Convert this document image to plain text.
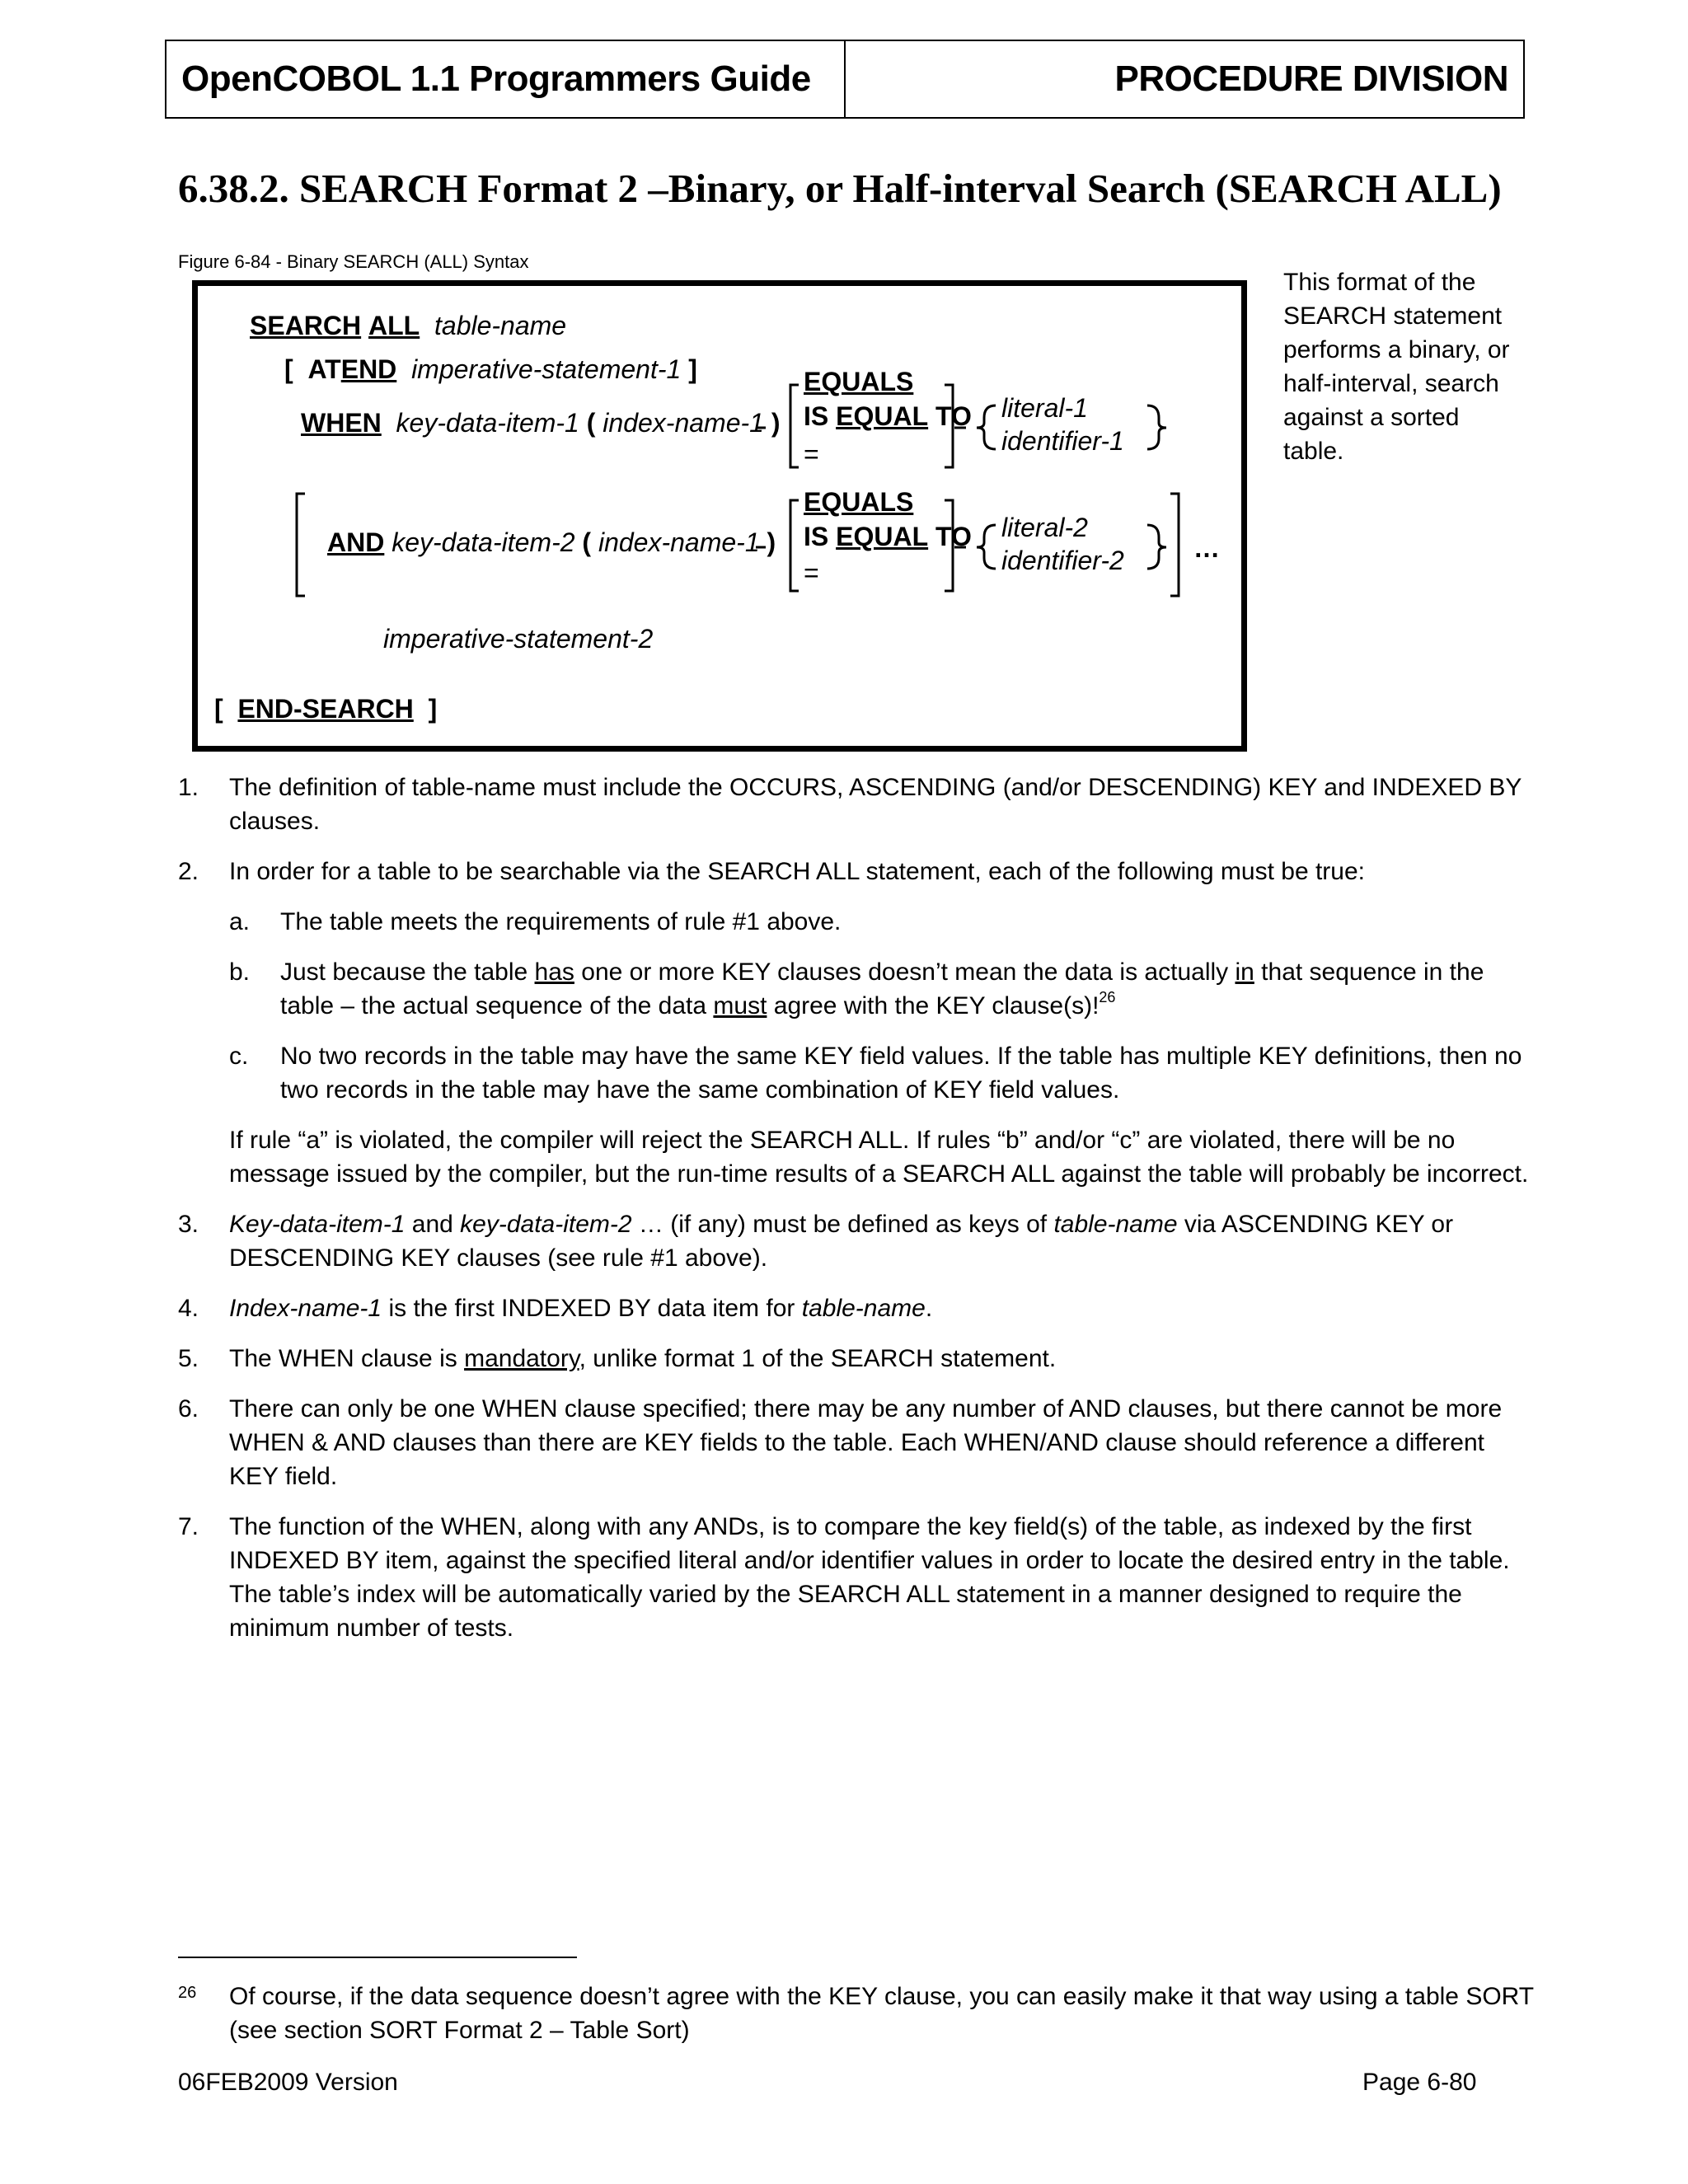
OpenCOBOL 1.1 Programmers Guide	PROCEDURE DIVISION
6.38.2. SEARCH Format 2 –Binary, or Half-interval Search (SEARCH ALL)
Figure 6-84 - Binary SEARCH (ALL) Syntax
SEARCH ALL table-name
[ ATEND imperative-statement-1 ]
WHEN key-data-item-1 ( index-name-1 )
EQUALS
IS EQUAL TO
=
literal-1
identifier-1
AND key-data-item-2 ( index-name-1 )
EQUALS
IS EQUAL TO
=
literal-2
identifier-2	…
imperative-statement-2
[ END-SEARCH ]
This format of the SEARCH statement performs a binary, or half-interval, search against a sorted table.
1. The definition of table-name must include the OCCURS, ASCENDING (and/or DESCENDING) KEY and INDEXED BY clauses.
2. In order for a table to be searchable via the SEARCH ALL statement, each of the following must be true:
a. The table meets the requirements of rule #1 above.
b. Just because the table has one or more KEY clauses doesn’t mean the data is actually in that sequence in the table – the actual sequence of the data must agree with the KEY clause(s)!$^{26}$
c. No two records in the table may have the same KEY field values. If the table has multiple KEY definitions, then no two records in the table may have the same combination of KEY field values.
If rule “a” is violated, the compiler will reject the SEARCH ALL. If rules “b” and/or “c” are violated, there will be no message issued by the compiler, but the run-time results of a SEARCH ALL against the table will probably be incorrect.
3. Key-data-item-1 and key-data-item-2 … (if any) must be defined as keys of table-name via ASCENDING KEY or DESCENDING KEY clauses (see rule #1 above).
4. Index-name-1 is the first INDEXED BY data item for table-name.
5. The WHEN clause is mandatory, unlike format 1 of the SEARCH statement.
6. There can only be one WHEN clause specified; there may be any number of AND clauses, but there cannot be more WHEN & AND clauses than there are KEY fields to the table. Each WHEN/AND clause should reference a different KEY field.
7. The function of the WHEN, along with any ANDs, is to compare the key field(s) of the table, as indexed by the first INDEXED BY item, against the specified literal and/or identifier values in order to locate the desired entry in the table. The table’s index will be automatically varied by the SEARCH ALL statement in a manner designed to require the minimum number of tests.
26 Of course, if the data sequence doesn’t agree with the KEY clause, you can easily make it that way using a table SORT (see section SORT Format 2 – Table Sort)
06FEB2009 Version	Page 6-80
